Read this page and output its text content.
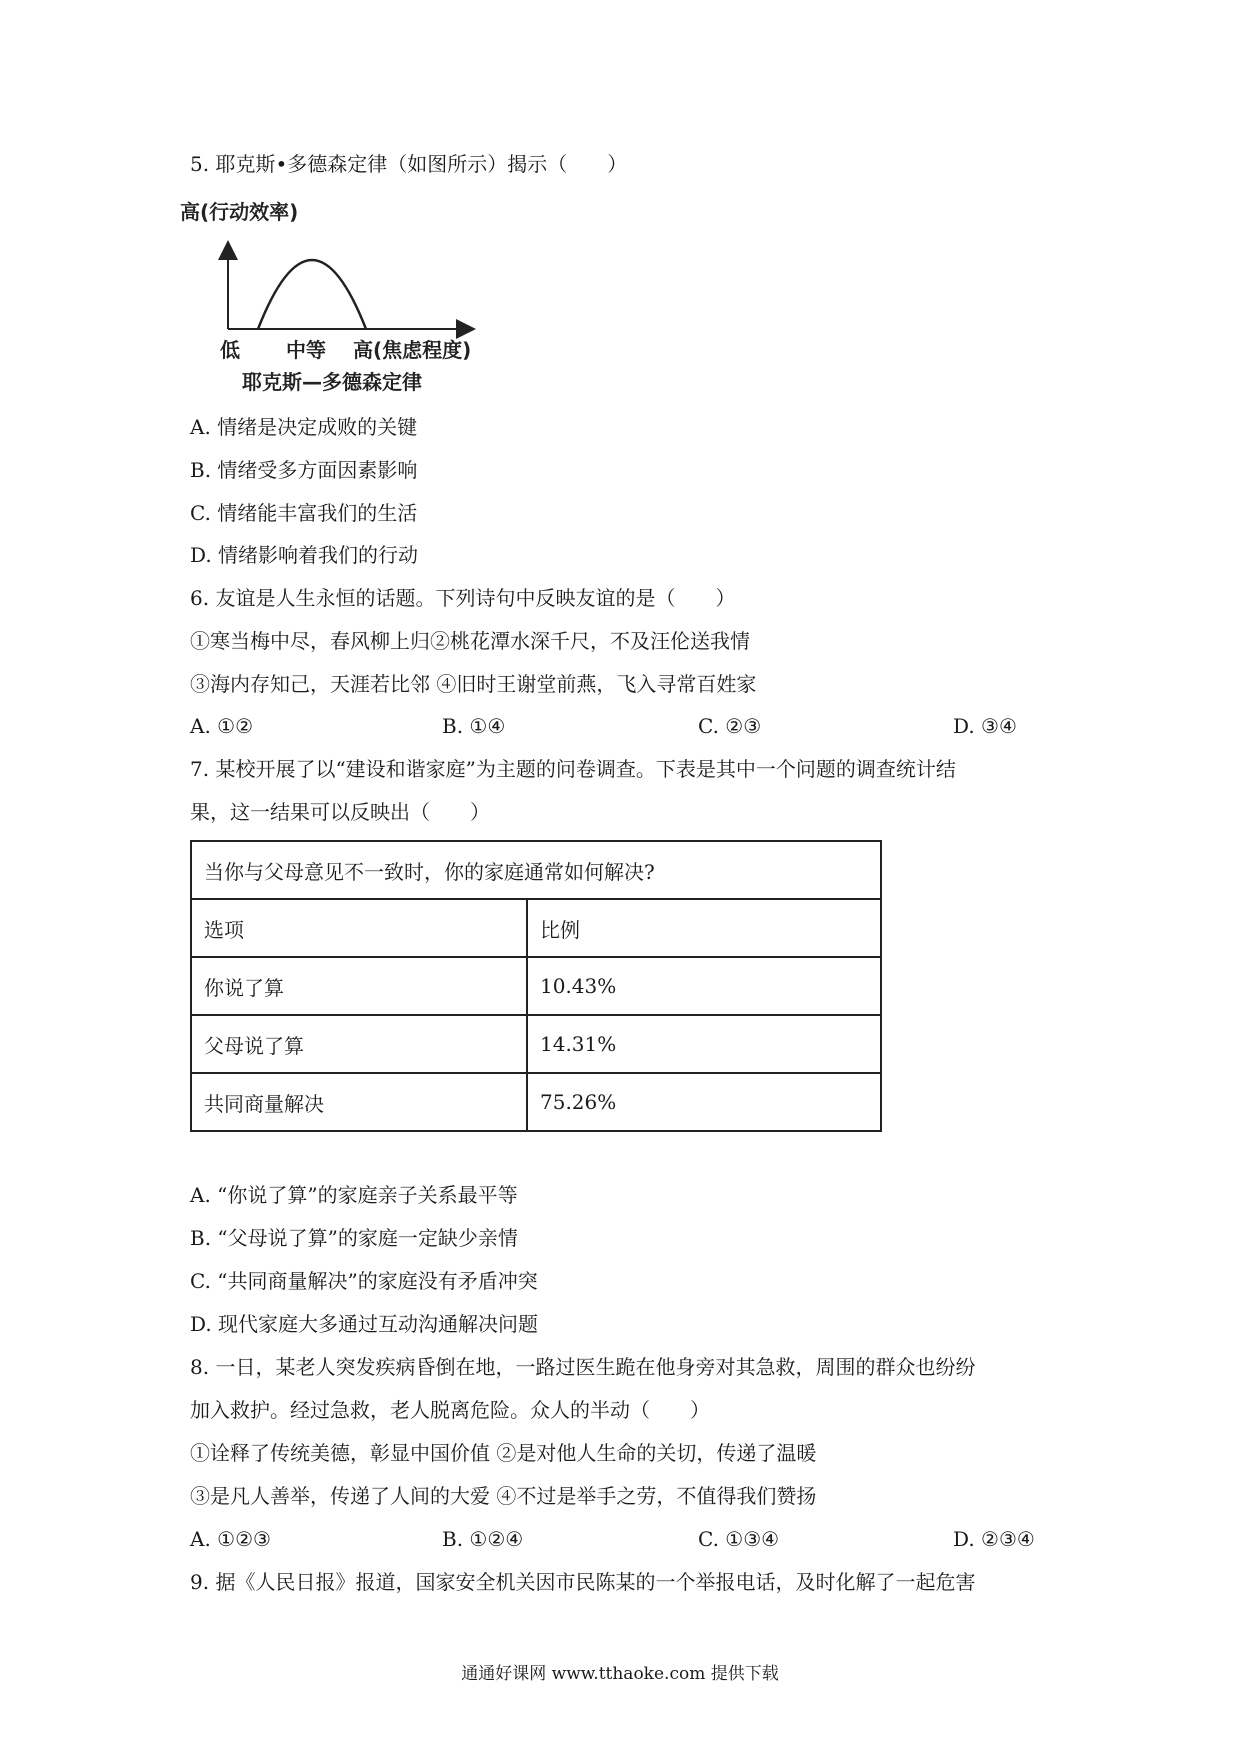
5. 耶克斯•多德森定律（如图所示）揭示（　　）
高(行动效率)
低 中等 高(焦虑程度)
耶克斯—多德森定律
A. 情绪是决定成败的关键
B. 情绪受多方面因素影响
C. 情绪能丰富我们的生活
D. 情绪影响着我们的行动
6. 友谊是人生永恒的话题。下列诗句中反映友谊的是（　　）
①寒当梅中尽，春风柳上归②桃花潭水深千尺，不及汪伦送我情
③海内存知己，天涯若比邻 ④旧时王谢堂前燕，飞入寻常百姓家
A. ①②	B. ①④	C. ②③	D. ③④
7. 某校开展了以“建设和谐家庭”为主题的问卷调查。下表是其中一个问题的调查统计结
果，这一结果可以反映出（　　）
当你与父母意见不一致时，你的家庭通常如何解决?	
选项	比例
你说了算	10.43%
父母说了算	14.31%
共同商量解决	75.26%
A. “你说了算”的家庭亲子关系最平等
B. “父母说了算”的家庭一定缺少亲情
C. “共同商量解决”的家庭没有矛盾冲突
D. 现代家庭大多通过互动沟通解决问题
8. 一日，某老人突发疾病昏倒在地，一路过医生跪在他身旁对其急救，周围的群众也纷纷
加入救护。经过急救，老人脱离危险。众人的半动（　　）
①诠释了传统美德，彰显中国价值 ②是对他人生命的关切，传递了温暖
③是凡人善举，传递了人间的大爱 ④不过是举手之劳，不值得我们赞扬
A. ①②③	B. ①②④	C. ①③④	D. ②③④
9. 据《人民日报》报道，国家安全机关因市民陈某的一个举报电话，及时化解了一起危害
通通好课网 www.tthaoke.com 提供下载
